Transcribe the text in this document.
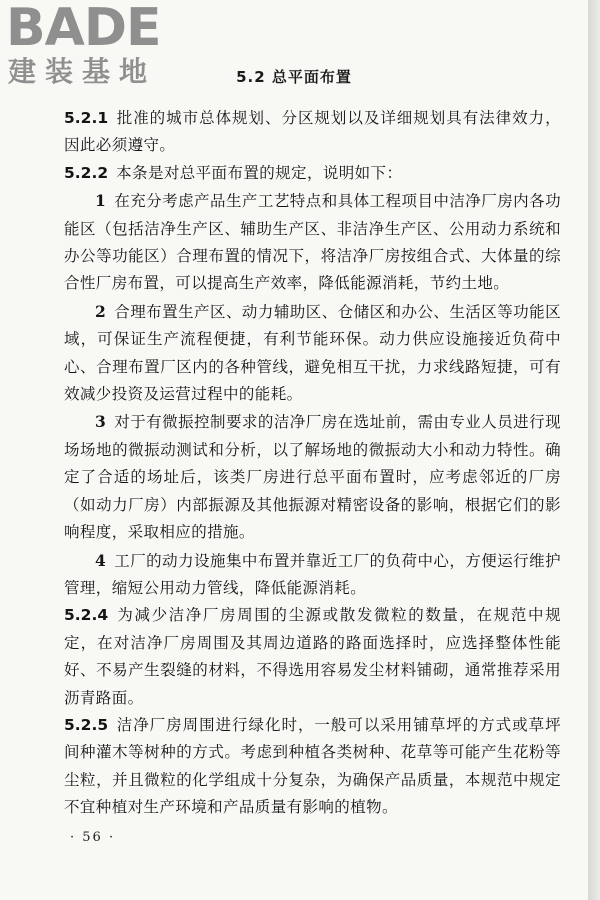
BADE
建装基地	5.2 总平面布置

5.2.1 批准的城市总体规划、分区规划以及详细规划具有法律效力，因此必须遵守。

5.2.2 本条是对总平面布置的规定，说明如下：

1 在充分考虑产品生产工艺特点和具体工程项目中洁净厂房内各功能区（包括洁净生产区、辅助生产区、非洁净生产区、公用动力系统和办公等功能区）合理布置的情况下，将洁净厂房按组合式、大体量的综合性厂房布置，可以提高生产效率，降低能源消耗，节约土地。

2 合理布置生产区、动力辅助区、仓储区和办公、生活区等功能区域，可保证生产流程便捷，有利节能环保。动力供应设施接近负荷中心、合理布置厂区内的各种管线，避免相互干扰，力求线路短捷，可有效减少投资及运营过程中的能耗。

3 对于有微振控制要求的洁净厂房在选址前，需由专业人员进行现场场地的微振动测试和分析，以了解场地的微振动大小和动力特性。确定了合适的场址后，该类厂房进行总平面布置时，应考虑邻近的厂房（如动力厂房）内部振源及其他振源对精密设备的影响，根据它们的影响程度，采取相应的措施。

4 工厂的动力设施集中布置并靠近工厂的负荷中心，方便运行维护管理，缩短公用动力管线，降低能源消耗。

5.2.4 为减少洁净厂房周围的尘源或散发微粒的数量，在规范中规定，在对洁净厂房周围及其周边道路的路面选择时，应选择整体性能好、不易产生裂缝的材料，不得选用容易发尘材料铺砌，通常推荐采用沥青路面。

5.2.5 洁净厂房周围进行绿化时，一般可以采用铺草坪的方式或草坪间种灌木等树种的方式。考虑到种植各类树种、花草等可能产生花粉等尘粒，并且微粒的化学组成十分复杂，为确保产品质量，本规范中规定不宜种植对生产环境和产品质量有影响的植物。

· 56 ·
